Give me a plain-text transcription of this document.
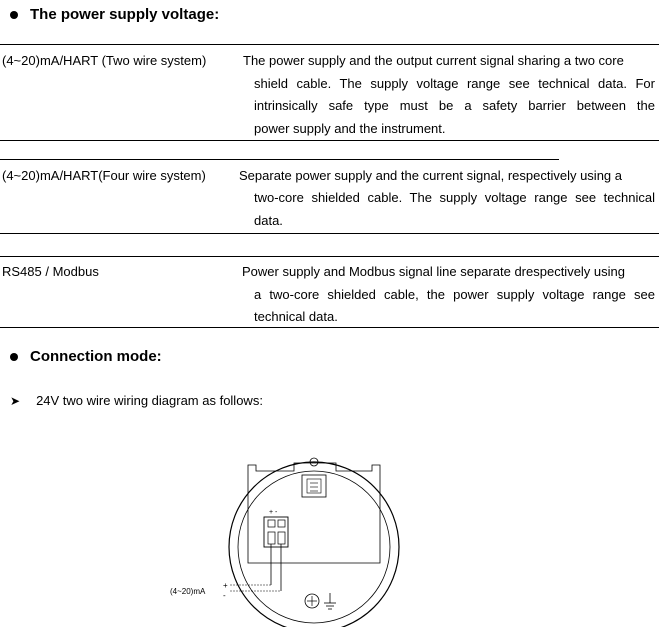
The power supply voltage:
(4~20)mA/HART (Two wire system)	The power supply and the output current signal sharing a two core
shield cable. The supply voltage range see technical data. For
intrinsically safe type must be a safety barrier between the
power supply and the instrument.
(4~20)mA/HART(Four wire system)	Separate power supply and the current signal, respectively using a
two-core shielded cable. The supply voltage range see technical
data.
RS485 / Modbus	Power supply and Modbus signal line separate drespectively using
a two-core shielded cable, the power supply voltage range see
technical data.
Connection mode:
➤ 24V two wire wiring diagram as follows:
+ -
(4~20)mA
+
-
